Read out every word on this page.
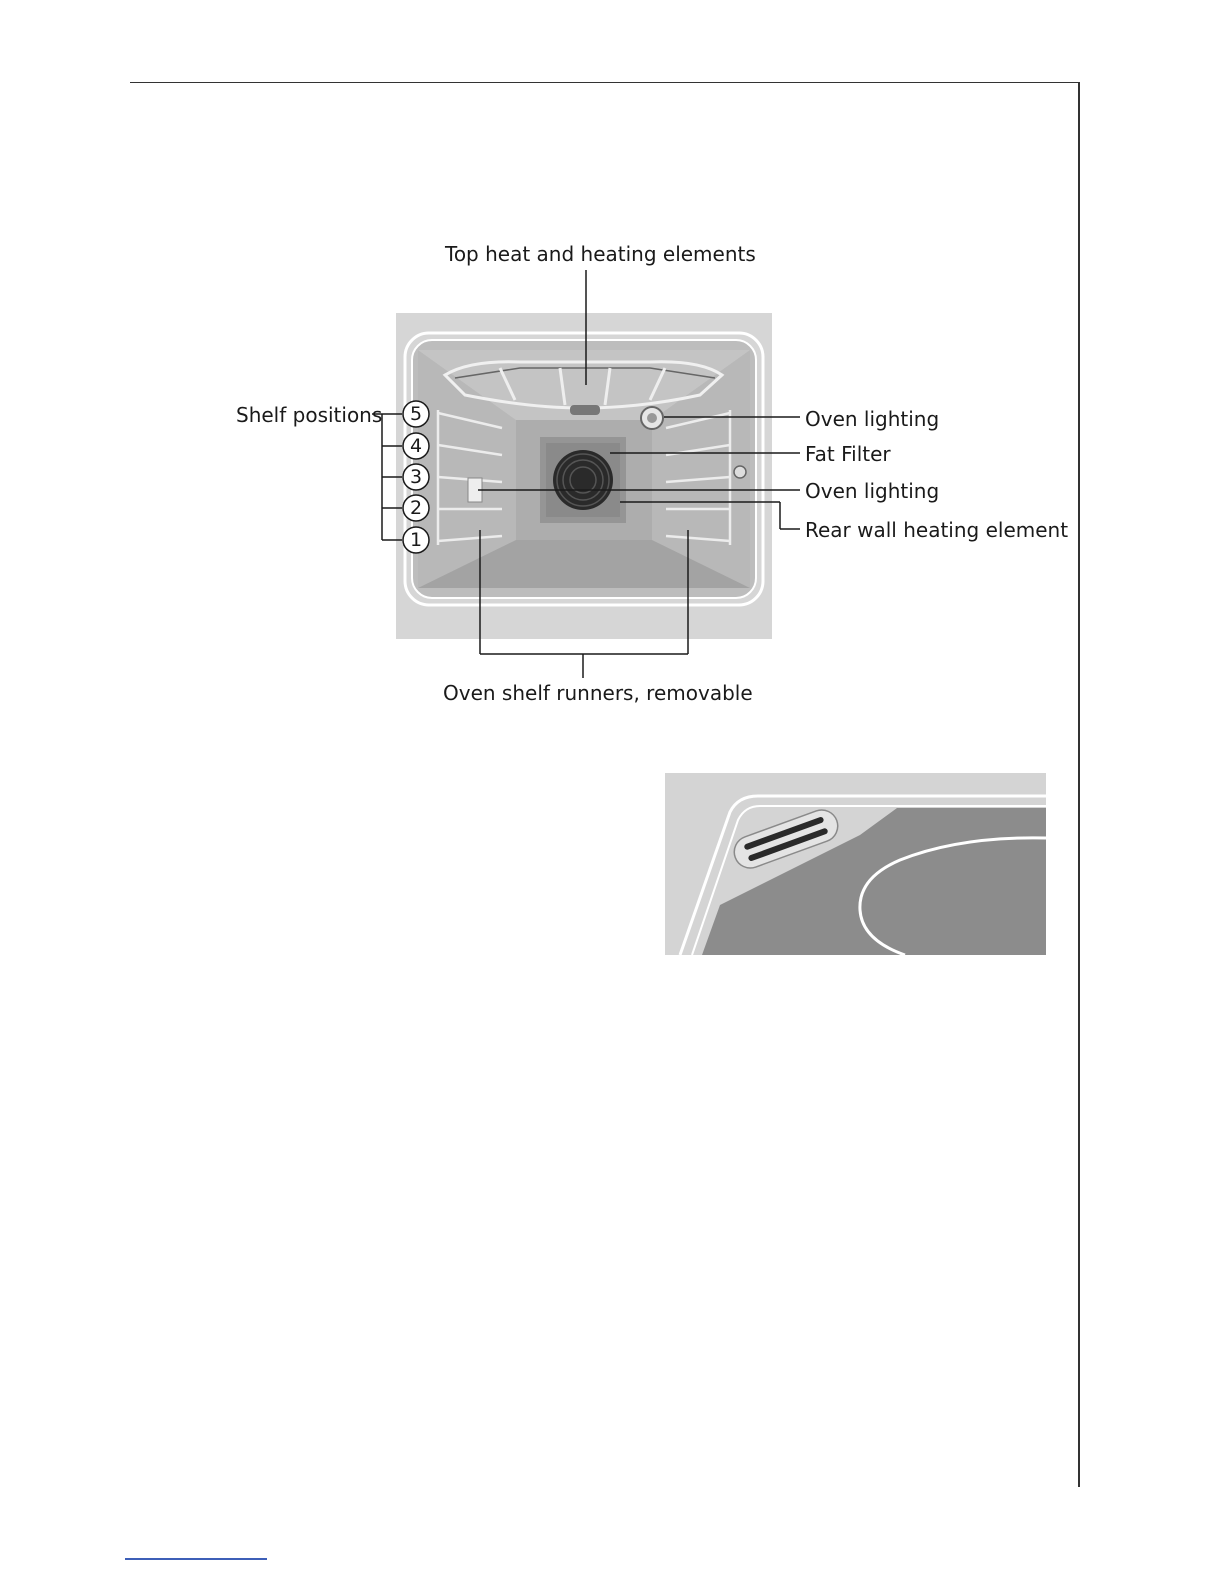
5
4
3
2
1
Top heat and heating elements
Shelf positions	Oven lighting
Fat Filter
Oven lighting
Rear wall heating element
Oven shelf runners, removable
